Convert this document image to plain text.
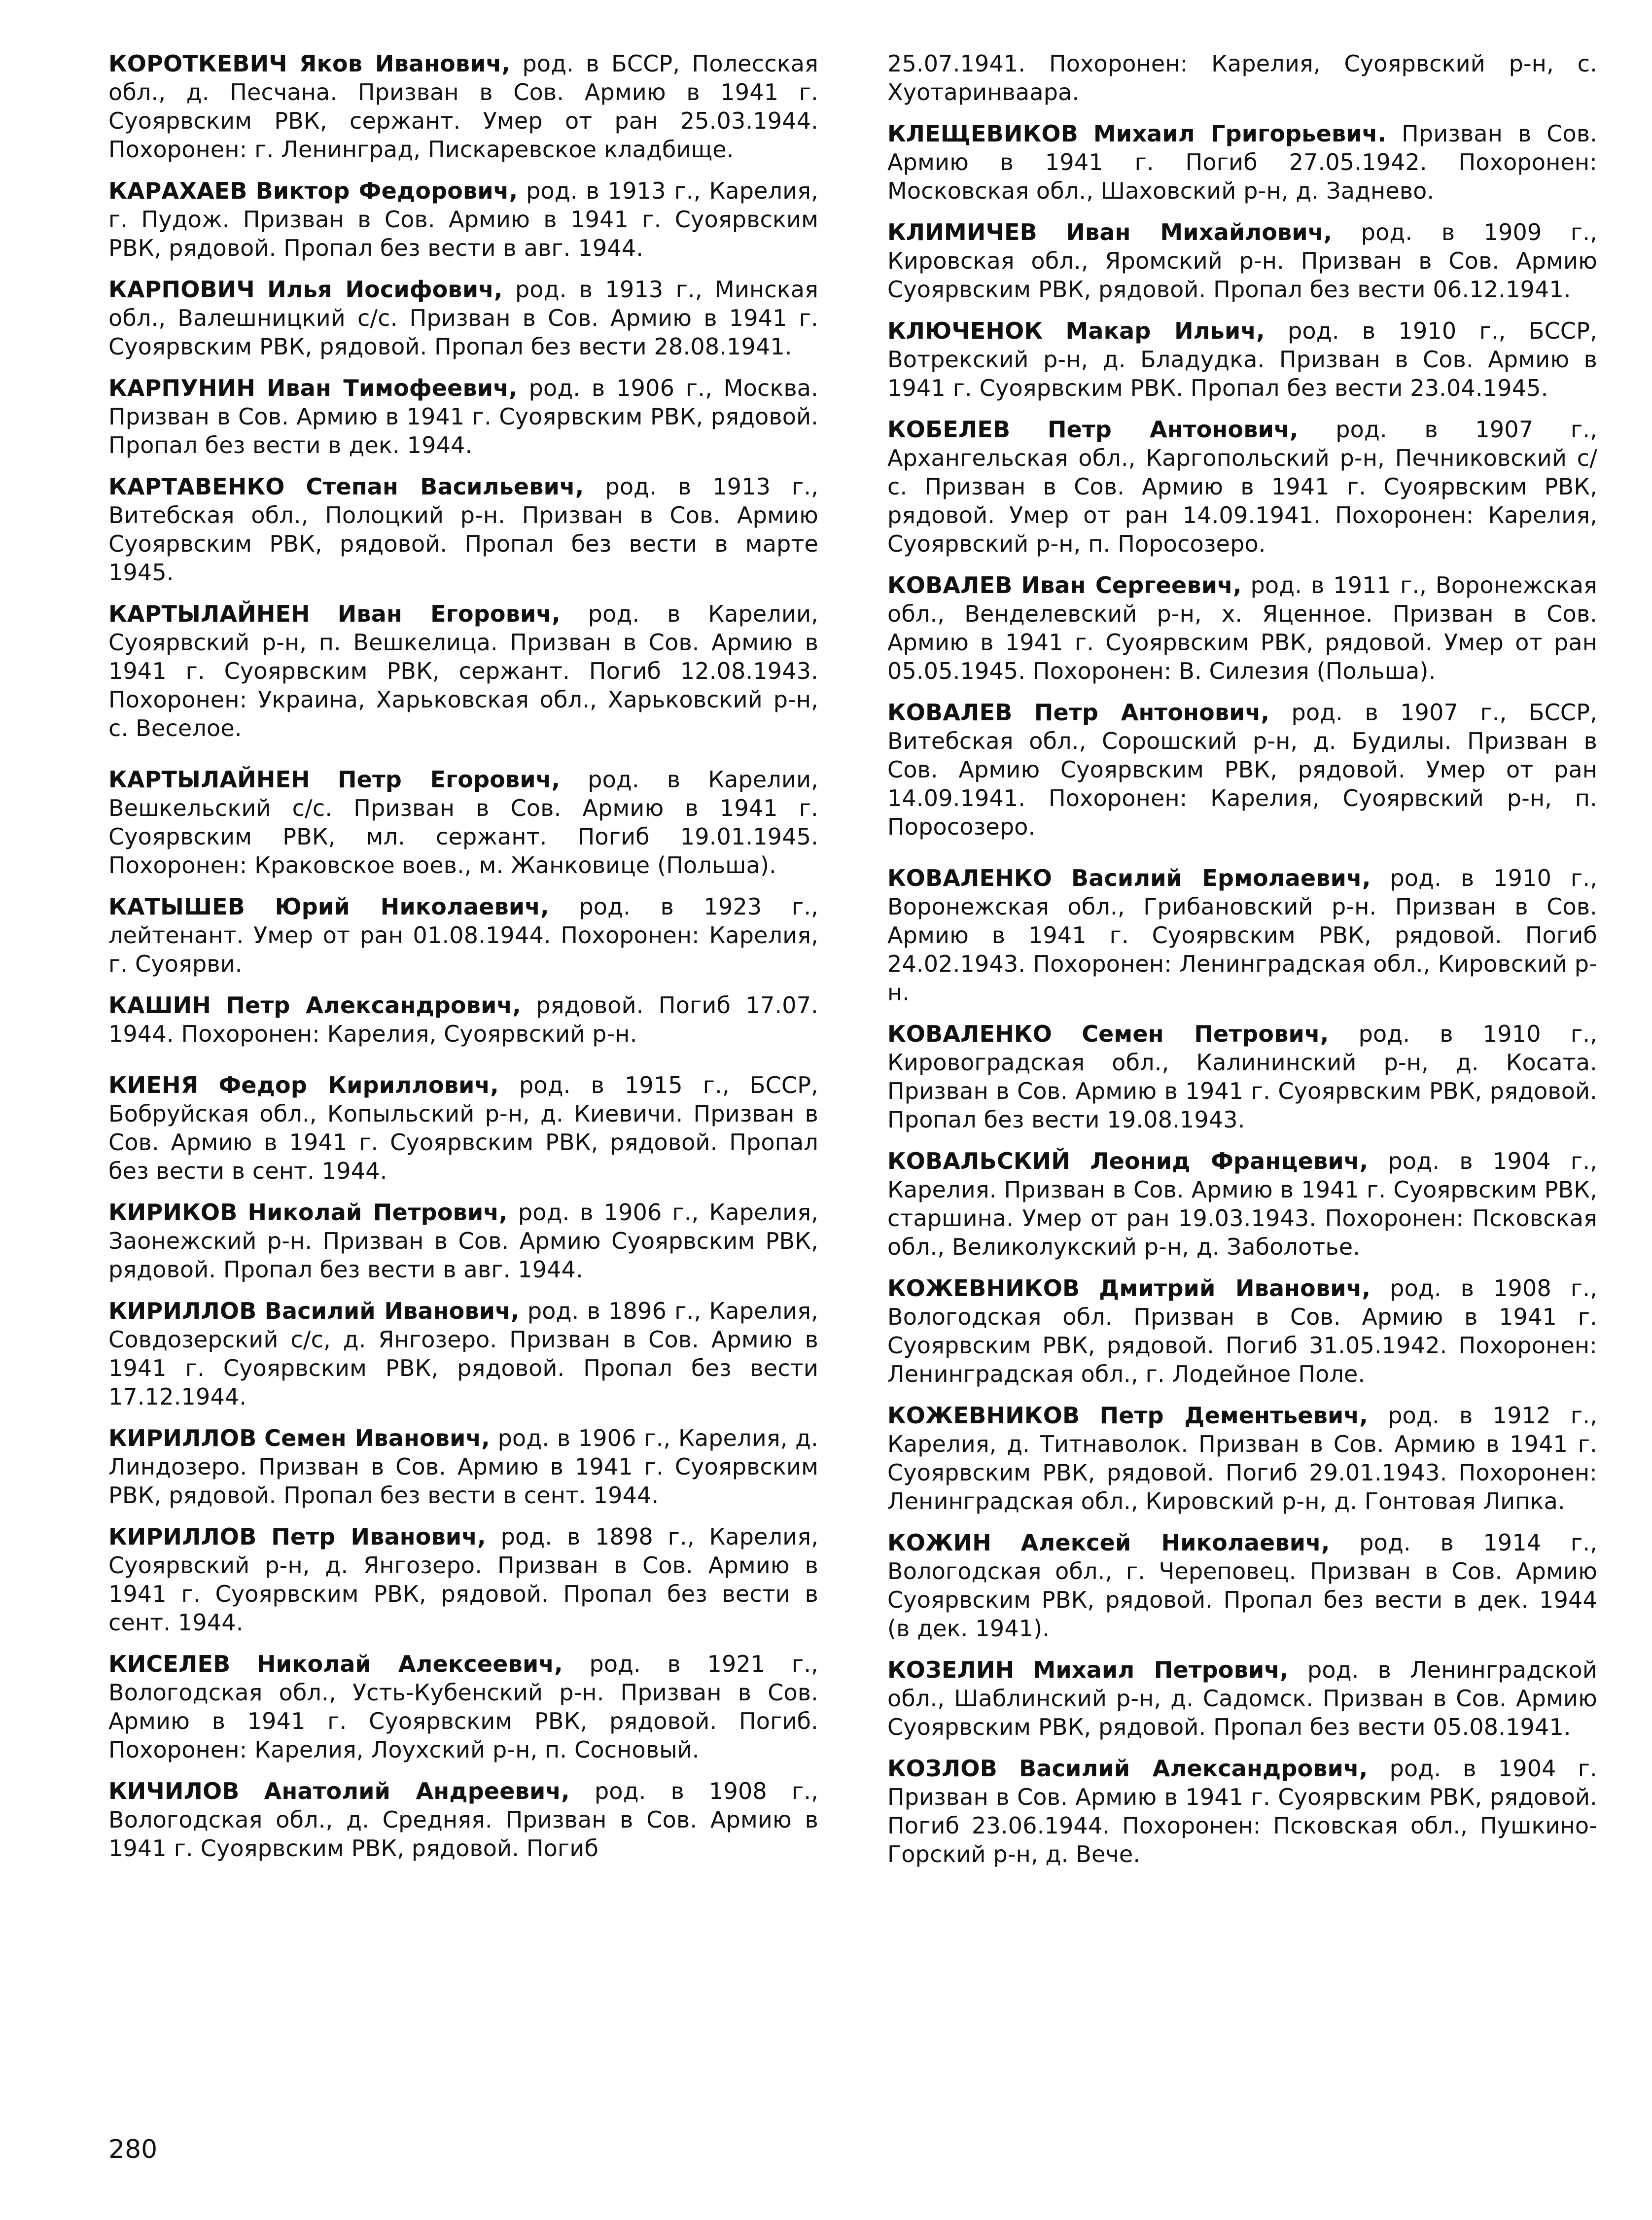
КОРОТКЕВИЧ Яков Иванович, род. в БССР, Полесская обл., д. Песчана. Призван в Сов. Армию в 1941 г. Суоярвским РВК, сержант. Умер от ран 25.03.1944. Похоронен: г. Ленинград, Пискаревское кладбище.

КАРАХАЕВ Виктор Федорович, род. в 1913 г., Карелия, г. Пудож. Призван в Сов. Армию в 1941 г. Суоярвским РВК, рядовой. Пропал без вести в авг. 1944.

КАРПОВИЧ Илья Иосифович, род. в 1913 г., Минская обл., Валешницкий с/с. Призван в Сов. Армию в 1941 г. Суоярвским РВК, рядовой. Пропал без вести 28.08.1941.

КАРПУНИН Иван Тимофеевич, род. в 1906 г., Москва. Призван в Сов. Армию в 1941 г. Суоярвским РВК, рядовой. Пропал без вести в дек. 1944.

КАРТАВЕНКО Степан Васильевич, род. в 1913 г., Витебская обл., Полоцкий р-н. Призван в Сов. Армию Суоярвским РВК, рядовой. Пропал без вести в марте 1945.

КАРТЫЛАЙНЕН Иван Егорович, род. в Карелии, Суоярвский р-н, п. Вешкелица. Призван в Сов. Армию в 1941 г. Суоярвским РВК, сержант. Погиб 12.08.1943. Похоронен: Украина, Харьковская обл., Харьковский р-н, с. Веселое.

КАРТЫЛАЙНЕН Петр Егорович, род. в Карелии, Вешкельский с/с. Призван в Сов. Армию в 1941 г. Суоярвским РВК, мл. сержант. Погиб 19.01.1945. Похоронен: Краковское воев., м. Жанковице (Польша).

КАТЫШЕВ Юрий Николаевич, род. в 1923 г., лейтенант. Умер от ран 01.08.1944. Похоронен: Карелия, г. Суоярви.

КАШИН Петр Александрович, рядовой. Погиб 17.07. 1944. Похоронен: Карелия, Суоярвский р-н.

КИЕНЯ Федор Кириллович, род. в 1915 г., БССР, Бобруйская обл., Копыльский р-н, д. Киевичи. Призван в Сов. Армию в 1941 г. Суоярвским РВК, рядовой. Пропал без вести в сент. 1944.

КИРИКОВ Николай Петрович, род. в 1906 г., Карелия, Заонежский р-н. Призван в Сов. Армию Суоярвским РВК, рядовой. Пропал без вести в авг. 1944.

КИРИЛЛОВ Василий Иванович, род. в 1896 г., Карелия, Совдозерский с/с, д. Янгозеро. Призван в Сов. Армию в 1941 г. Суоярвским РВК, рядовой. Пропал без вести 17.12.1944.

КИРИЛЛОВ Семен Иванович, род. в 1906 г., Карелия, д. Линдозеро. Призван в Сов. Армию в 1941 г. Суоярвским РВК, рядовой. Пропал без вести в сент. 1944.

КИРИЛЛОВ Петр Иванович, род. в 1898 г., Карелия, Суоярвский р-н, д. Янгозеро. Призван в Сов. Армию в 1941 г. Суоярвским РВК, рядовой. Пропал без вести в сент. 1944.

КИСЕЛЕВ Николай Алексеевич, род. в 1921 г., Вологодская обл., Усть-Кубенский р-н. Призван в Сов. Армию в 1941 г. Суоярвским РВК, рядовой. Погиб. Похоронен: Карелия, Лоухский р-н, п. Сосновый.

КИЧИЛОВ Анатолий Андреевич, род. в 1908 г., Вологодская обл., д. Средняя. Призван в Сов. Армию в 1941 г. Суоярвским РВК, рядовой. Погиб

25.07.1941. Похоронен: Карелия, Суоярвский р-н, с. Хуотаринваара.

КЛЕЩЕВИКОВ Михаил Григорьевич. Призван в Сов. Армию в 1941 г. Погиб 27.05.1942. Похоронен: Московская обл., Шаховский р-н, д. Заднево.

КЛИМИЧЕВ Иван Михайлович, род. в 1909 г., Кировская обл., Яромский р-н. Призван в Сов. Армию Суоярвским РВК, рядовой. Пропал без вести 06.12.1941.

КЛЮЧЕНОК Макар Ильич, род. в 1910 г., БССР, Вотрекский р-н, д. Бладудка. Призван в Сов. Армию в 1941 г. Суоярвским РВК. Пропал без вести 23.04.1945.

КОБЕЛЕВ Петр Антонович, род. в 1907 г., Архангельская обл., Каргопольский р-н, Печниковский с/с. Призван в Сов. Армию в 1941 г. Суоярвским РВК, рядовой. Умер от ран 14.09.1941. Похоронен: Карелия, Суоярвский р-н, п. Поросозеро.

КОВАЛЕВ Иван Сергеевич, род. в 1911 г., Воронежская обл., Венделевский р-н, х. Яценное. Призван в Сов. Армию в 1941 г. Суоярвским РВК, рядовой. Умер от ран 05.05.1945. Похоронен: В. Силезия (Польша).

КОВАЛЕВ Петр Антонович, род. в 1907 г., БССР, Витебская обл., Сорошский р-н, д. Будилы. Призван в Сов. Армию Суоярвским РВК, рядовой. Умер от ран 14.09.1941. Похоронен: Карелия, Суоярвский р-н, п. Поросозеро.

КОВАЛЕНКО Василий Ермолаевич, род. в 1910 г., Воронежская обл., Грибановский р-н. Призван в Сов. Армию в 1941 г. Суоярвским РВК, рядовой. Погиб 24.02.1943. Похоронен: Ленинградская обл., Кировский р-н.

КОВАЛЕНКО Семен Петрович, род. в 1910 г., Кировоградская обл., Калининский р-н, д. Косата. Призван в Сов. Армию в 1941 г. Суоярвским РВК, рядовой. Пропал без вести 19.08.1943.

КОВАЛЬСКИЙ Леонид Францевич, род. в 1904 г., Карелия. Призван в Сов. Армию в 1941 г. Суоярвским РВК, старшина. Умер от ран 19.03.1943. Похоронен: Псковская обл., Великолукский р-н, д. Заболотье.

КОЖЕВНИКОВ Дмитрий Иванович, род. в 1908 г., Вологодская обл. Призван в Сов. Армию в 1941 г. Суоярвским РВК, рядовой. Погиб 31.05.1942. Похоронен: Ленинградская обл., г. Лодейное Поле.

КОЖЕВНИКОВ Петр Дементьевич, род. в 1912 г., Карелия, д. Титнаволок. Призван в Сов. Армию в 1941 г. Суоярвским РВК, рядовой. Погиб 29.01.1943. Похоронен: Ленинградская обл., Кировский р-н, д. Гонтовая Липка.

КОЖИН Алексей Николаевич, род. в 1914 г., Вологодская обл., г. Череповец. Призван в Сов. Армию Суоярвским РВК, рядовой. Пропал без вести в дек. 1944 (в дек. 1941).

КОЗЕЛИН Михаил Петрович, род. в Ленинградской обл., Шаблинский р-н, д. Садомск. Призван в Сов. Армию Суоярвским РВК, рядовой. Пропал без вести 05.08.1941.

КОЗЛОВ Василий Александрович, род. в 1904 г. Призван в Сов. Армию в 1941 г. Суоярвским РВК, рядовой. Погиб 23.06.1944. Похоронен: Псковская обл., Пушкино-Горский р-н, д. Вече.

280
